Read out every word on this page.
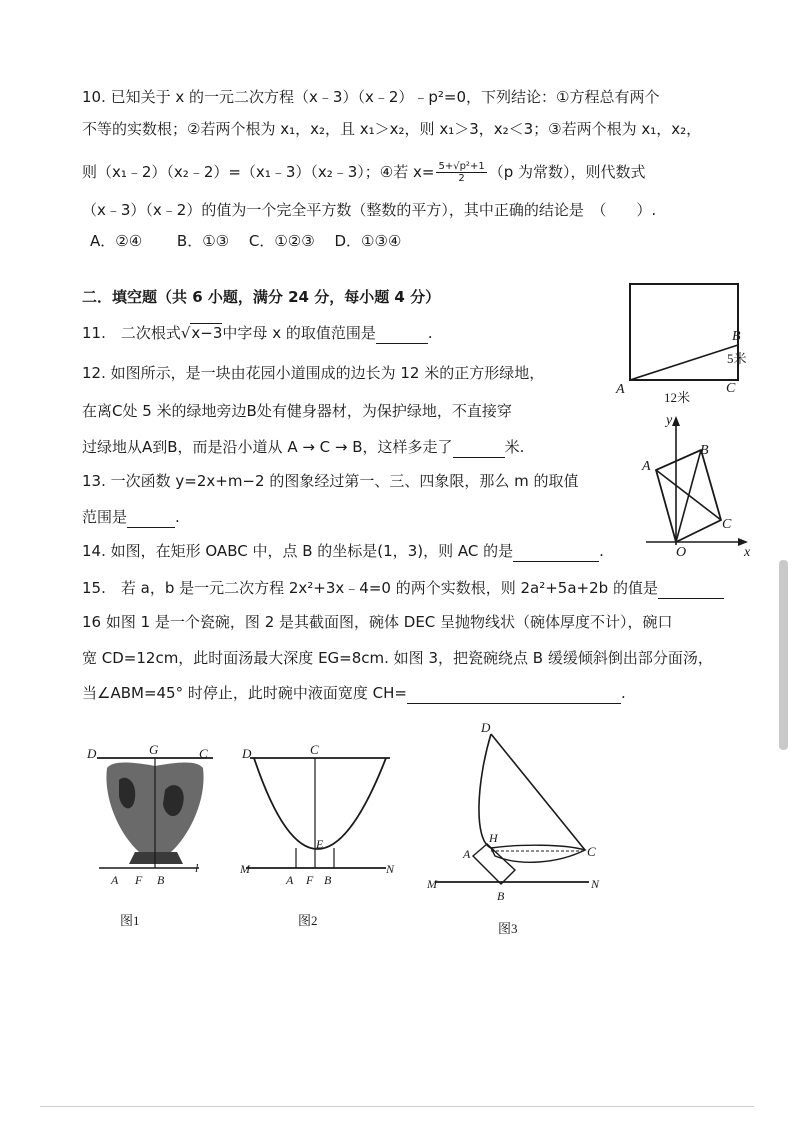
10. 已知关于 x 的一元二次方程（x﹣3）（x﹣2）﹣p²=0，下列结论：①方程总有两个
不等的实数根；②若两个根为 x₁，x₂，且 x₁＞x₂，则 x₁＞3，x₂＜3；③若两个根为 x₁，x₂，
则（x₁﹣2）（x₂﹣2）=（x₁﹣3）（x₂﹣3）；④若 $x= \frac{\text{5+√p²+1}}{2} (p$ 为常数），则代数式
（x﹣3）（x﹣2）的值为一个完全平方数（整数的平方），其中正确的结论是　（　　）.
A．②④　　 B．①③　 C．①②③　 D．①③④
二．填空题（共 6 小题，满分 24 分，每小题 4 分）
11.　二次根式√x−3中字母 x 的取值范围是	.
12. 如图所示，是一块由花园小道围成的边长为 12 米的正方形绿地，
在离C处 5 米的绿地旁边B处有健身器材，为保护绿地，不直接穿
过绿地从A到B，而是沿小道从 A → C → B，这样多走了	米.
13. 一次函数 y=2x+m−2 的图象经过第一、三、四象限，那么 m 的取值
范围是	.
14. 如图，在矩形 OABC 中，点 B 的坐标是(1，3)，则 AC 的是	.
15.　若 a，b 是一元二次方程 2x²+3x﹣4=0 的两个实数根，则 2a²+5a+2b 的值是
16 如图 1 是一个瓷碗，图 2 是其截面图，碗体 DEC 呈抛物线状（碗体厚度不计），碗口
宽 CD=12cm，此时面汤最大深度 EG=8cm. 如图 3，把瓷碗绕点 B 缓缓倾斜倒出部分面汤，
当∠ABM=45° 时停止，此时碗中液面宽度 CH=	.
B
A	C
5米
12米
y
x
A
B
C
O
D	G	C
A F B
l
图1
D	C
E
M
A F B
N
图2
D
H
A	C
M
B
N
图3
